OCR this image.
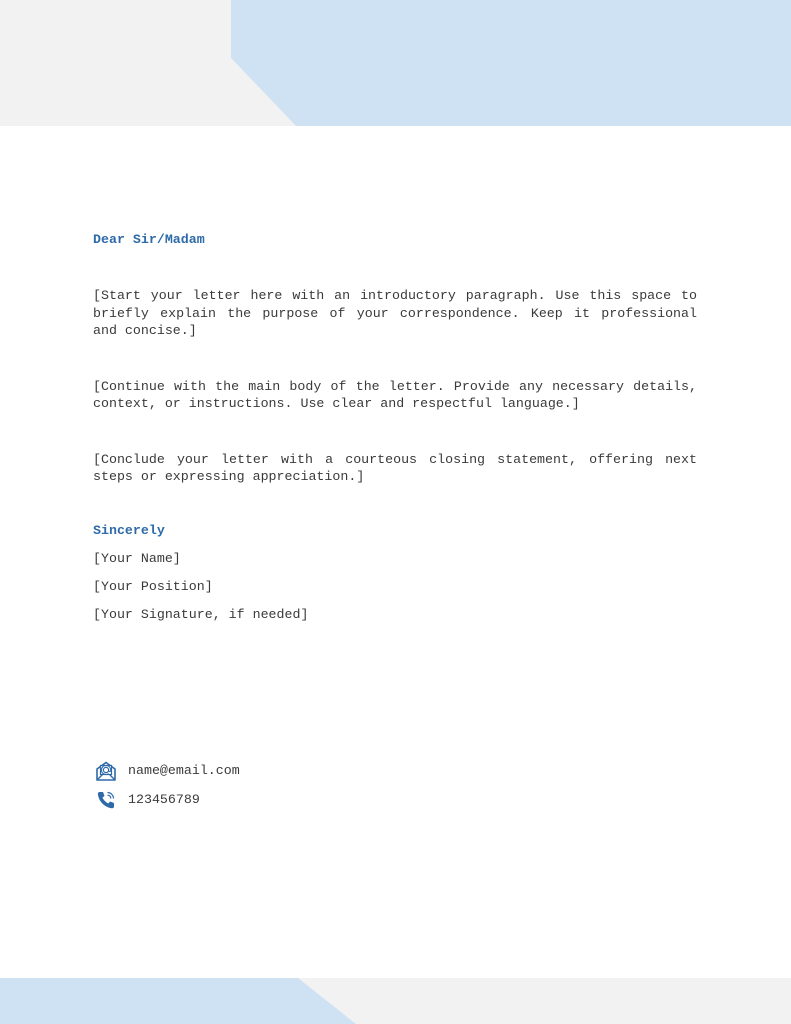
Dear Sir/Madam

[Start your letter here with an introductory paragraph. Use this space to briefly explain the purpose of your correspondence. Keep it professional and concise.]

[Continue with the main body of the letter. Provide any necessary details, context, or instructions. Use clear and respectful language.]

[Conclude your letter with a courteous closing statement, offering next steps or expressing appreciation.]

Sincerely
[Your Name]
[Your Position]
[Your Signature, if needed]
name@email.com
123456789
